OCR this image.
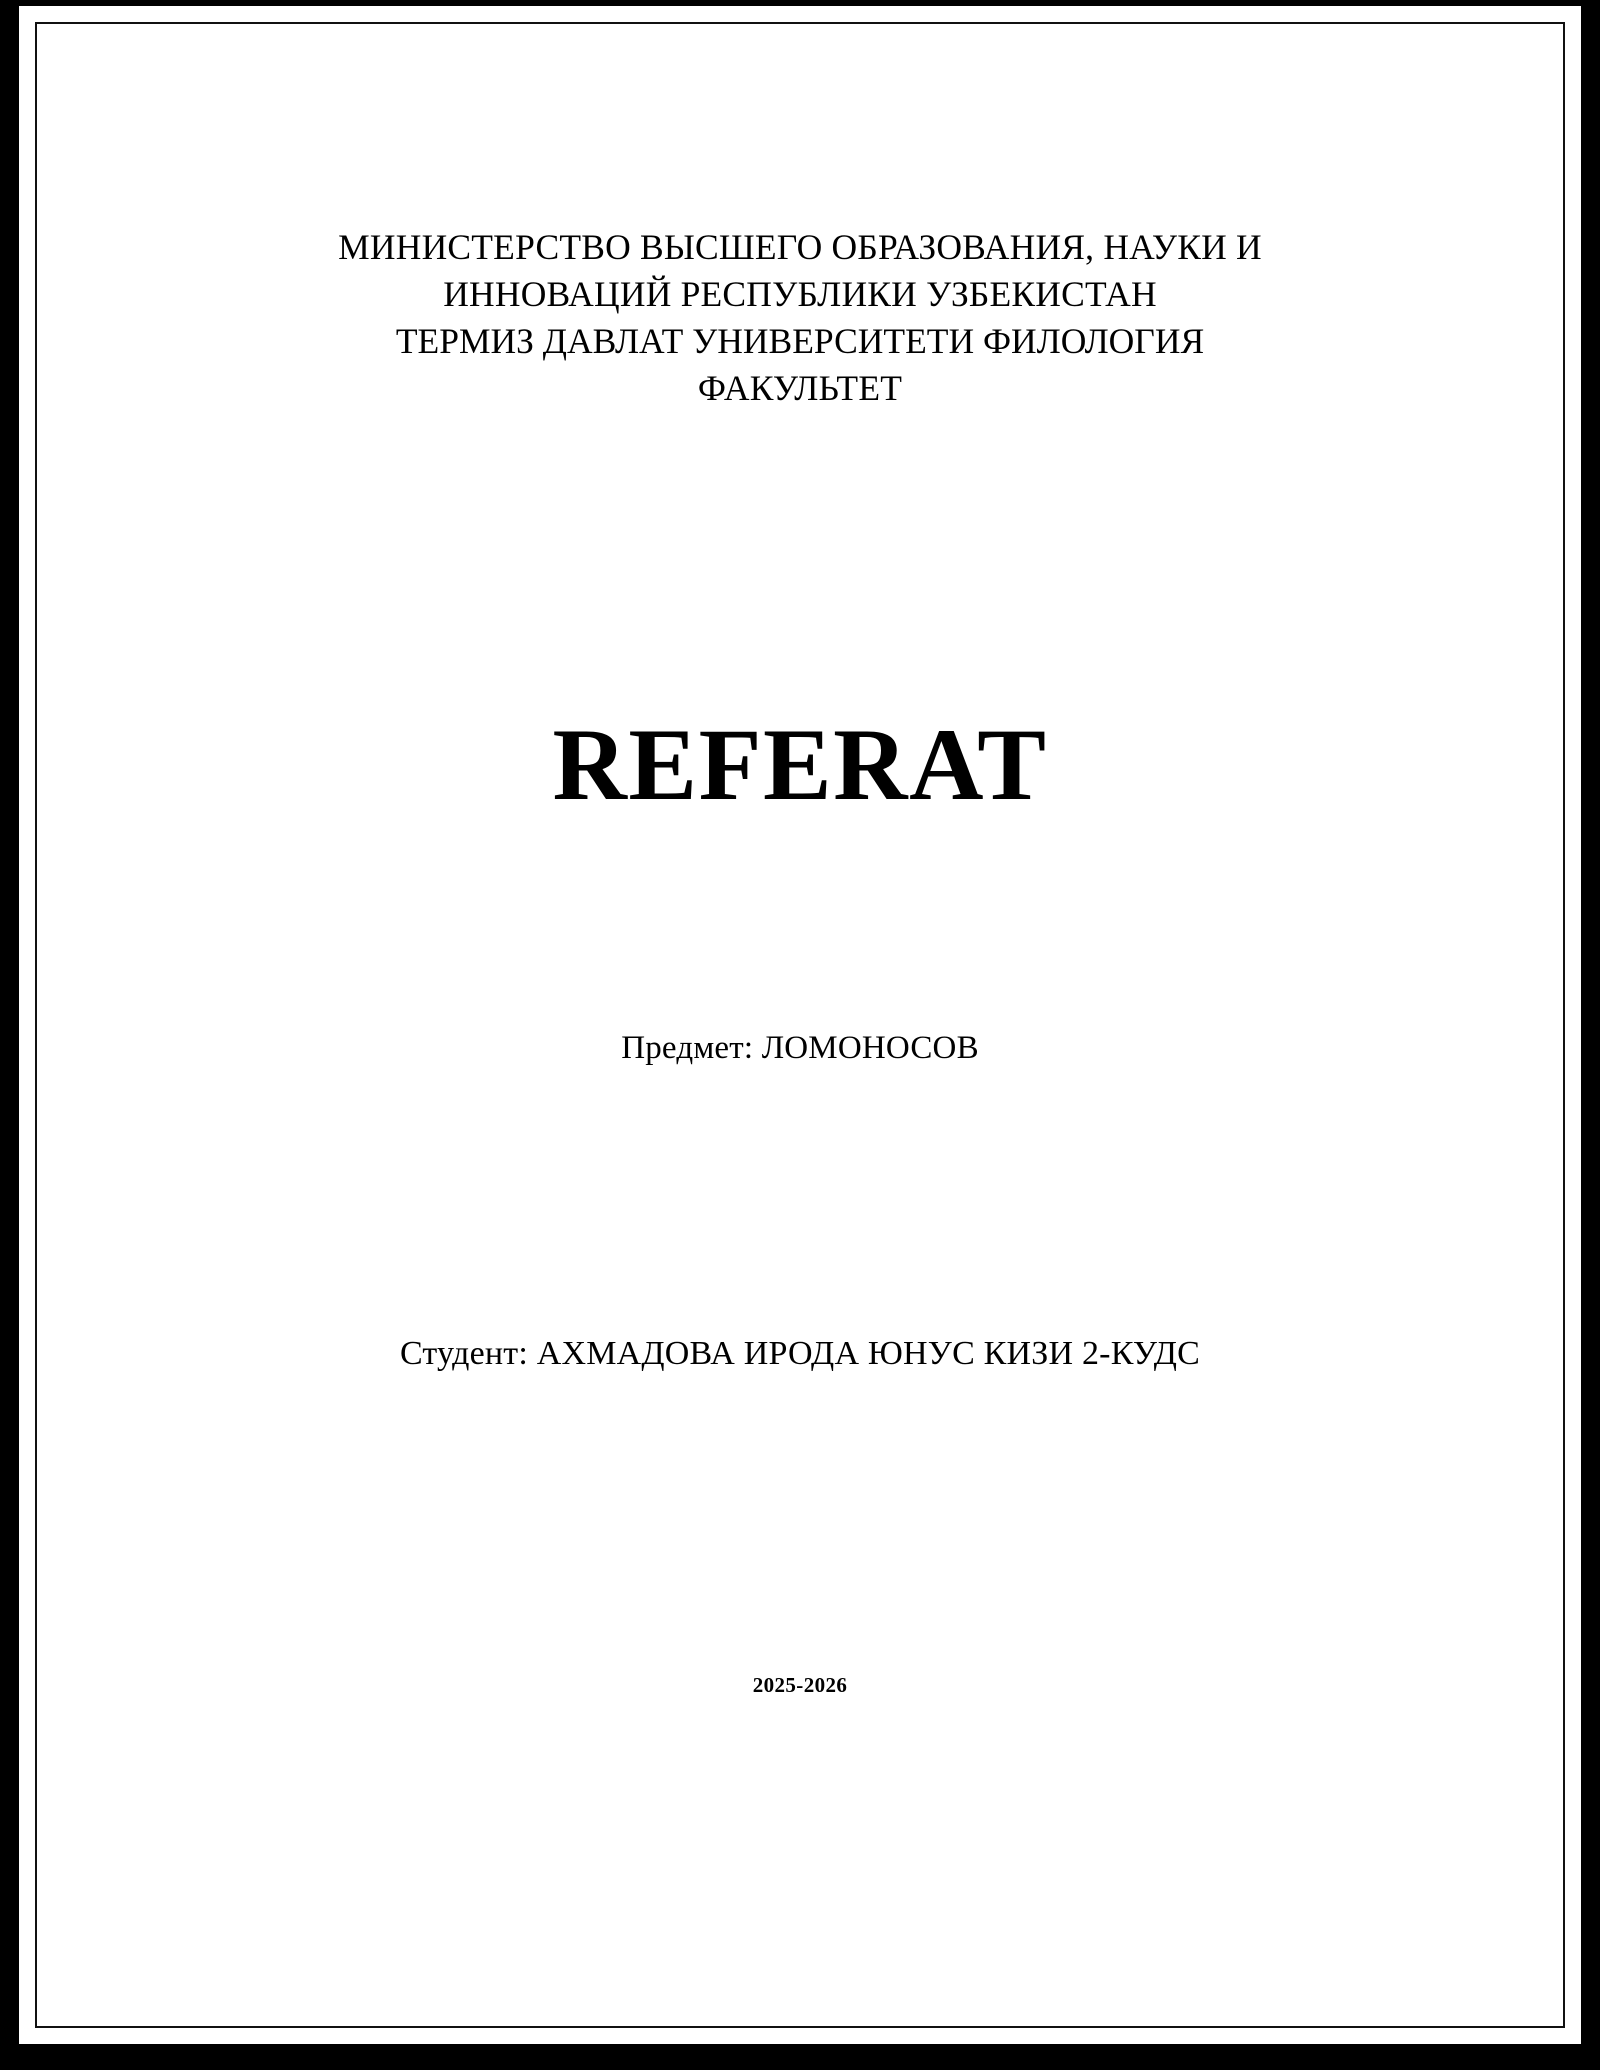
МИНИСТЕРСТВО ВЫСШЕГО ОБРАЗОВАНИЯ, НАУКИ И
ИННОВАЦИЙ РЕСПУБЛИКИ УЗБЕКИСТАН
ТЕРМИЗ ДАВЛАТ УНИВЕРСИТЕТИ ФИЛОЛОГИЯ
ФАКУЛЬТЕТ
REFERAT
Предмет: ЛОМОНОСОВ
Студент: АХМАДОВА ИРОДА ЮНУС КИЗИ 2-КУДС
2025-2026
